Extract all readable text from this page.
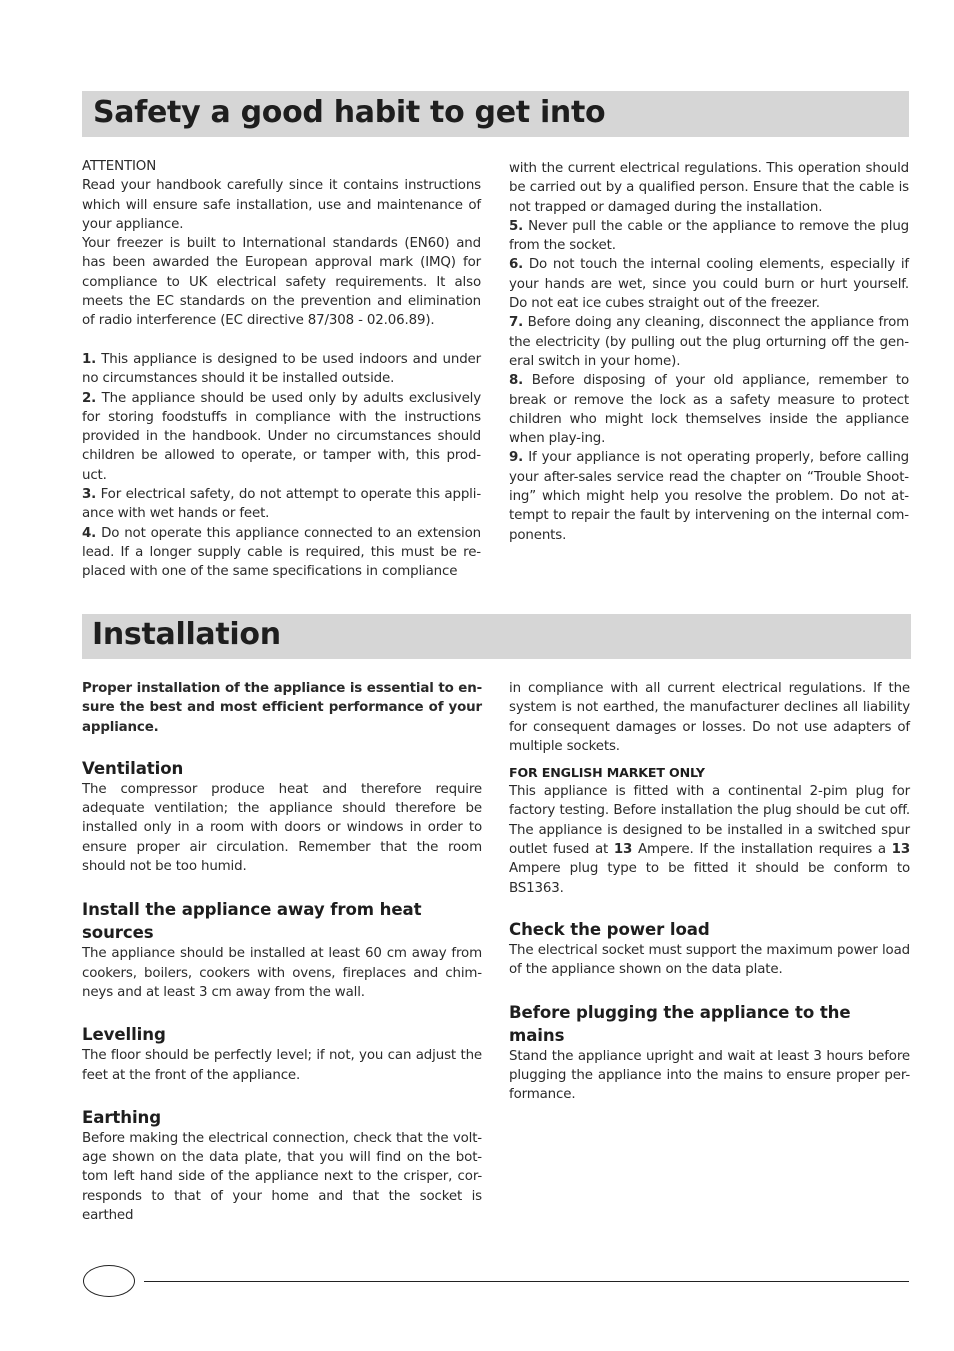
Safety a good habit to get into

ATTENTION

Read your handbook carefully since it contains instructions which will ensure safe installation, use and maintenance of your appliance.

Your freezer is built to International standards (EN60) and has been awarded the European approval mark (IMQ) for compliance to UK electrical safety requirements. It also meets the EC standards on the prevention and elimination of radio interference (EC directive 87/308 - 02.06.89).

1. This appliance is designed to be used indoors and under no circumstances should it be installed outside.

2. The appliance should be used only by adults exclusively for storing foodstuffs in compliance with the instructions provided in the handbook. Under no circumstances should children be allowed to operate, or tamper with, this prod-uct.

3. For electrical safety, do not attempt to operate this appli-ance with wet hands or feet.

4. Do not operate this appliance connected to an extension lead. If a longer supply cable is required, this must be re-placed with one of the same specifications in compliance

with the current electrical regulations. This operation should be carried out by a qualified person. Ensure that the cable is not trapped or damaged during the installation.

5. Never pull the cable or the appliance to remove the plug from the socket.

6. Do not touch the internal cooling elements, especially if your hands are wet, since you could burn or hurt yourself. Do not eat ice cubes straight out of the freezer.

7. Before doing any cleaning, disconnect the appliance from the electricity (by pulling out the plug orturning off the gen-eral switch in your home).

8. Before disposing of your old appliance, remember to break or remove the lock as a safety measure to protect children who might lock themselves inside the appliance when play-ing.

9. If your appliance is not operating properly, before calling your after-sales service read the chapter on “Trouble Shoot-ing” which might help you resolve the problem. Do not at-tempt to repair the fault by intervening on the internal com-ponents.

Installation

Proper installation of the appliance is essential to en-sure the best and most efficient performance of your appliance.

Ventilation

The compressor produce heat and therefore require adequate ventilation; the appliance should therefore be installed only in a room with doors or windows in order to ensure proper air circulation. Remember that the room should not be too humid.

Install the appliance away from heat sources

The appliance should be installed at least 60 cm away from cookers, boilers, cookers with ovens, fireplaces and chim-neys and at least 3 cm away from the wall.

Levelling

The floor should be perfectly level; if not, you can adjust the feet at the front of the appliance.

Earthing

Before making the electrical connection, check that the volt-age shown on the data plate, that you will find on the bot-tom left hand side of the appliance next to the crisper, cor-responds to that of your home and that the socket is earthed

in compliance with all current electrical regulations. If the system is not earthed, the manufacturer declines all liability for consequent damages or losses. Do not use adapters of multiple sockets.

FOR ENGLISH MARKET ONLY

This appliance is fitted with a continental 2-pim plug for factory testing. Before installation the plug should be cut off. The appliance is designed to be installed in a switched spur outlet fused at 13 Ampere. If the installation requires a 13 Ampere plug type to be fitted it should be conform to BS1363.

Check the power load

The electrical socket must support the maximum power load of the appliance shown on the data plate.

Before plugging the appliance to the mains

Stand the appliance upright and wait at least 3 hours before plugging the appliance into the mains to ensure proper per-formance.
